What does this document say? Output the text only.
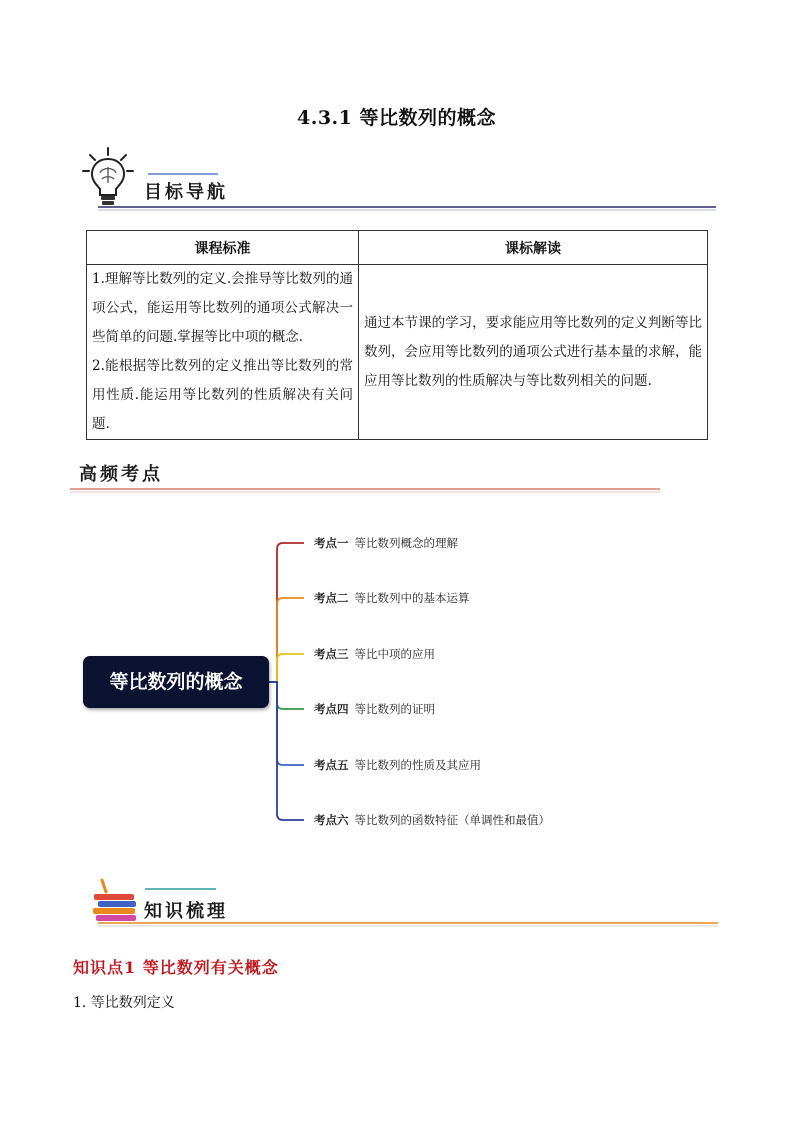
4.3.1 等比数列的概念
目标导航
课程标准	课标解读

1.理解等比数列的定义.会推导等比数列的通项公式，能运用等比数列的通项公式解决一些简单的问题.掌握等比中项的概念.

2.能根据等比数列的定义推出等比数列的常用性质.能运用等比数列的性质解决有关问题.	通过本节课的学习，要求能应用等比数列的定义判断等比数列，会应用等比数列的通项公式进行基本量的求解，能应用等比数列的性质解决与等比数列相关的问题.

高频考点
等比数列的概念
考点一 等比数列概念的理解
考点二 等比数列中的基本运算
考点三 等比中项的应用
考点四 等比数列的证明
考点五 等比数列的性质及其应用
考点六 等比数列的函数特征（单调性和最值）
知识梳理
知识点1 等比数列有关概念
1. 等比数列定义
